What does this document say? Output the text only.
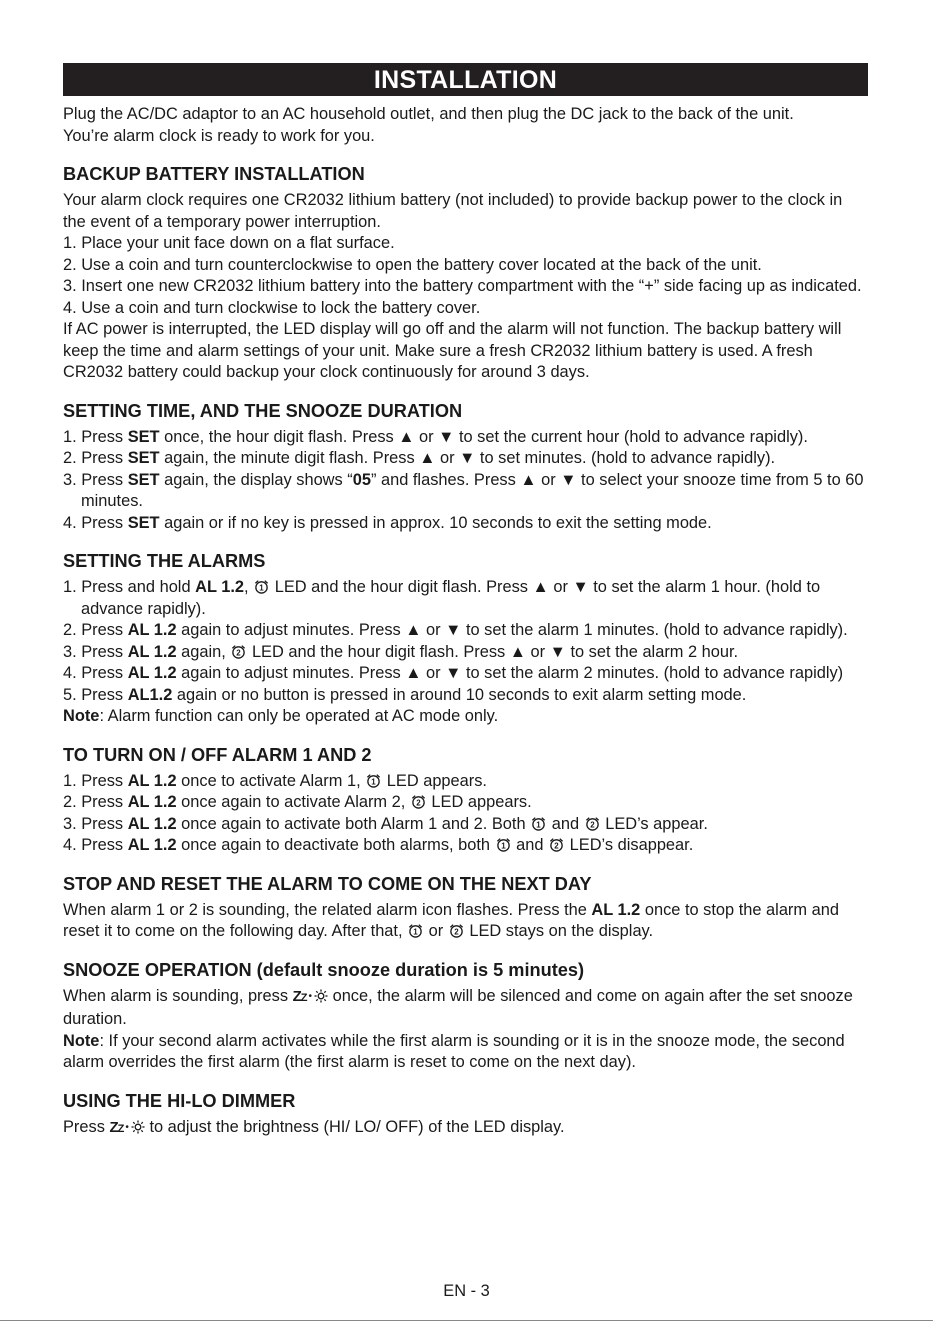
INSTALLATION

Plug the AC/DC adaptor to an AC household outlet, and then plug the DC jack to the back of the unit.

You’re alarm clock is ready to work for you.

BACKUP BATTERY INSTALLATION

Your alarm clock requires one CR2032 lithium battery (not included) to provide backup power to the clock in the event of a temporary power interruption.

1. Place your unit face down on a flat surface.

2. Use a coin and turn counterclockwise to open the battery cover located at the back of the unit.

3. Insert one new CR2032 lithium battery into the battery compartment with the “+” side facing up as indicated.

4. Use a coin and turn clockwise to lock the battery cover.

If AC power is interrupted, the LED display will go off and the alarm will not function. The backup battery will keep the time and alarm settings of your unit. Make sure a fresh CR2032 lithium battery is used. A fresh CR2032 battery could backup your clock continuously for around 3 days.

SETTING TIME, AND THE SNOOZE DURATION

1. Press SET once, the hour digit flash. Press ▲ or ▼ to set the current hour (hold to advance rapidly).

2. Press SET again, the minute digit flash. Press ▲ or ▼ to set minutes. (hold to advance rapidly).

3. Press SET again, the display shows “05” and flashes. Press ▲ or ▼ to select your snooze time from 5 to 60 minutes.

4. Press SET again or if no key is pressed in approx. 10 seconds to exit the setting mode.

SETTING THE ALARMS

1. Press and hold AL 1.2, 1 LED and the hour digit flash. Press ▲ or ▼ to set the alarm 1 hour. (hold to advance rapidly).

2. Press AL 1.2 again to adjust minutes. Press ▲ or ▼ to set the alarm 1 minutes. (hold to advance rapidly).

3. Press AL 1.2 again, 2 LED and the hour digit flash. Press ▲ or ▼ to set the alarm 2 hour.

4. Press AL 1.2 again to adjust minutes. Press ▲ or ▼ to set the alarm 2 minutes. (hold to advance rapidly)

5. Press AL1.2 again or no button is pressed in around 10 seconds to exit alarm setting mode.

Note: Alarm function can only be operated at AC mode only.

TO TURN ON / OFF ALARM 1 AND 2

1. Press AL 1.2 once to activate Alarm 1, 1 LED appears.

2. Press AL 1.2 once again to activate Alarm 2, 2 LED appears.

3. Press AL 1.2 once again to activate both Alarm 1 and 2. Both 1 and 2 LED’s appear.

4. Press AL 1.2 once again to deactivate both alarms, both 1 and 2 LED’s disappear.

STOP AND RESET THE ALARM TO COME ON THE NEXT DAY

When alarm 1 or 2 is sounding, the related alarm icon flashes. Press the AL 1.2 once to stop the alarm and reset it to come on the following day. After that, 1 or 2 LED stays on the display.

SNOOZE OPERATION (default snooze duration is 5 minutes)

When alarm is sounding, press ZZ • once, the alarm will be silenced and come on again after the set snooze duration.

Note: If your second alarm activates while the first alarm is sounding or it is in the snooze mode, the second alarm overrides the first alarm (the first alarm is reset to come on the next day).

USING THE HI-LO DIMMER

Press ZZ • to adjust the brightness (HI/ LO/ OFF) of the LED display.

EN - 3
